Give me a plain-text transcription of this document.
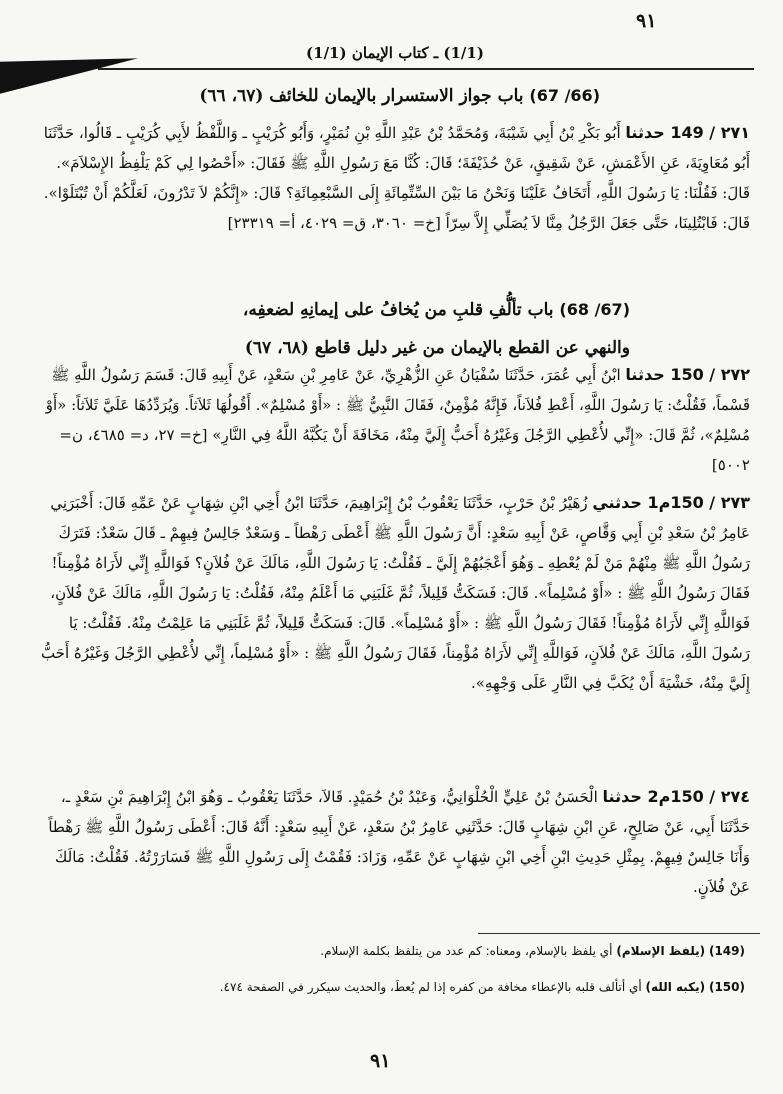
٩١
(1/1) ـ كتاب الإيمان (1/1)
(66/ 67) باب جواز الاستسرار بالإيمان للخائف (٦٧، ٦٦)
٢٧١ / 149 حدثنا أَبُو بَكْرِ بْنُ أَبِي شَيْبَةَ، وَمُحَمَّدُ بْنُ عَبْدِ اللَّهِ بْنِ نُمَيْرٍ، وَأَبُو كُرَيْبٍ ـ وَاللَّفْظُ لأَبِي كُرَيْبٍ ـ قَالُوا، حَدَّثَنَا أَبُو مُعَاوِيَةَ، عَنِ الأَعْمَشِ، عَنْ شَقِيقٍ، عَنْ حُذَيْفَةَ؛ قَالَ: كُنَّا مَعَ رَسُولِ اللَّهِ ﷺ فَقَالَ: «أَحْصُوا لِي كَمْ يَلْفِظُ الإِسْلاَمَ». قَالَ: فَقُلْنَا: يَا رَسُولَ اللَّهِ، أَتَخَافُ عَلَيْنَا وَنَحْنُ مَا بَيْنَ السِّتِّمِائَةِ إِلَى السَّبْعِمِائَةِ؟ قَالَ: «إِنَّكُمْ لاَ تَدْرُونَ، لَعَلَّكُمْ أَنْ تُبْتَلَوْا». قَالَ: فَابْتُلِينَا، حَتَّى جَعَلَ الرَّجُلُ مِنَّا لاَ يُصَلِّي إِلاَّ سِرّاً [خ= ٣٠٦٠، ق= ٤٠٢٩، أ= ٢٣٣١٩]
(67/ 68) باب تألُّفِ قلبِ من يُخافُ على إيمانِهِ لضعفِه،
والنهي عن القطع بالإيمان من غير دليل قاطع (٦٨، ٦٧)
٢٧٢ / 150 حدثنا ابْنُ أَبِي عُمَرَ، حَدَّثَنَا سُفْيَانُ عَنِ الزُّهْرِيِّ، عَنْ عَامِرِ بْنِ سَعْدٍ، عَنْ أَبِيهِ قَالَ: قَسَمَ رَسُولُ اللَّهِ ﷺ قَسْماً، فَقُلْتُ: يَا رَسُولَ اللَّهِ، أَعْطِ فُلاَناً، فَإِنَّهُ مُؤْمِنٌ، فَقَالَ النَّبِيُّ ﷺ : «أَوْ مُسْلِمٌ». أَقُولُهَا ثَلاَثاً. وَيُرَدِّدُهَا عَلَيَّ ثَلاَثاً: «أَوْ مُسْلِمٌ»، ثُمَّ قَالَ: «إِنِّي لأُعْطِي الرَّجُلَ وَغَيْرُهُ أَحَبُّ إِلَيَّ مِنْهُ، مَخَافَةَ أَنْ يَكُبَّهُ اللَّهُ فِي النَّارِ» [خ= ٢٧، د= ٤٦٨٥، ن= ٥٠٠٢]
٢٧٣ / 150م1 حدثني زُهَيْرُ بْنُ حَرْبٍ، حَدَّثَنَا يَعْقُوبُ بْنُ إِبْرَاهِيمَ، حَدَّثَنَا ابْنُ أَخِي ابْنِ شِهَابٍ عَنْ عَمِّهِ قَالَ: أَخْبَرَنِي عَامِرُ بْنُ سَعْدِ بْنِ أَبِي وَقَّاصٍ، عَنْ أَبِيهِ سَعْدٍ: أَنَّ رَسُولَ اللَّهِ ﷺ أَعْطَى رَهْطاً ـ وَسَعْدٌ جَالِسٌ فِيهِمْ ـ قَالَ سَعْدٌ: فَتَرَكَ رَسُولُ اللَّهِ ﷺ مِنْهُمْ مَنْ لَمْ يُعْطِهِ ـ وَهُوَ أَعْجَبُهُمْ إِلَيَّ ـ فَقُلْتُ: يَا رَسُولَ اللَّهِ، مَالَكَ عَنْ فُلاَنٍ؟ فَوَاللَّهِ إِنِّي لأَرَاهُ مُؤْمِناً! فَقَالَ رَسُولُ اللَّهِ ﷺ : «أَوْ مُسْلِماً». قَالَ: فَسَكَتُّ قَلِيلاً، ثُمَّ غَلَبَنِي مَا أَعْلَمُ مِنْهُ، فَقُلْتُ: يَا رَسُولَ اللَّهِ، مَالَكَ عَنْ فُلاَنٍ، فَوَاللَّهِ إِنِّي لأَرَاهُ مُؤْمِناً! فَقَالَ رَسُولُ اللَّهِ ﷺ : «أَوْ مُسْلِماً». قَالَ: فَسَكَتُّ قَلِيلاً، ثُمَّ غَلَبَنِي مَا عَلِمْتُ مِنْهُ. فَقُلْتُ: يَا رَسُولَ اللَّهِ، مَالَكَ عَنْ فُلاَنٍ، فَوَاللَّهِ إِنِّي لأَرَاهُ مُؤْمِناً، فَقَالَ رَسُولُ اللَّهِ ﷺ : «أَوْ مُسْلِماً، إِنِّي لأُعْطِي الرَّجُلَ وَغَيْرُهُ أَحَبُّ إِلَيَّ مِنْهُ، خَشْيَةَ أَنْ يُكَبَّ فِي النَّارِ عَلَى وَجْهِهِ».
٢٧٤ / 150م2 حدثنا الْحَسَنُ بْنُ عَلِيٍّ الْحُلْوَانِيُّ، وَعَبْدُ بْنُ حُمَيْدٍ. قَالاَ، حَدَّثَنَا يَعْقُوبُ ـ وَهُوَ ابْنُ إِبْرَاهِيمَ بْنِ سَعْدٍ ـ، حَدَّثَنَا أَبِي، عَنْ صَالِحٍ، عَنِ ابْنِ شِهَابٍ قَالَ: حَدَّثَنِي عَامِرُ بْنُ سَعْدٍ، عَنْ أَبِيهِ سَعْدٍ: أَنَّهُ قَالَ: أَعْطَى رَسُولُ اللَّهِ ﷺ رَهْطاً وَأَنَا جَالِسٌ فِيهِمْ. بِمِثْلِ حَدِيثِ ابْنِ أَخِي ابْنِ شِهَابٍ عَنْ عَمِّهِ، وَزَادَ: فَقُمْتُ إِلَى رَسُولِ اللَّهِ ﷺ فَسَارَرْتُهُ. فَقُلْتُ: مَالَكَ عَنْ فُلاَنٍ.
(149) (يلفظ الإسلام) أي يلفظ بالإسلام، ومعناه: كم عدد من يتلفظ بكلمة الإسلام.
(150) (يكبه الله) أي أتألف قلبه بالإعطاء مخافة من كفره إذا لم يُعطَ، والحديث سيكرر في الصفحة ٤٧٤.
٩١
